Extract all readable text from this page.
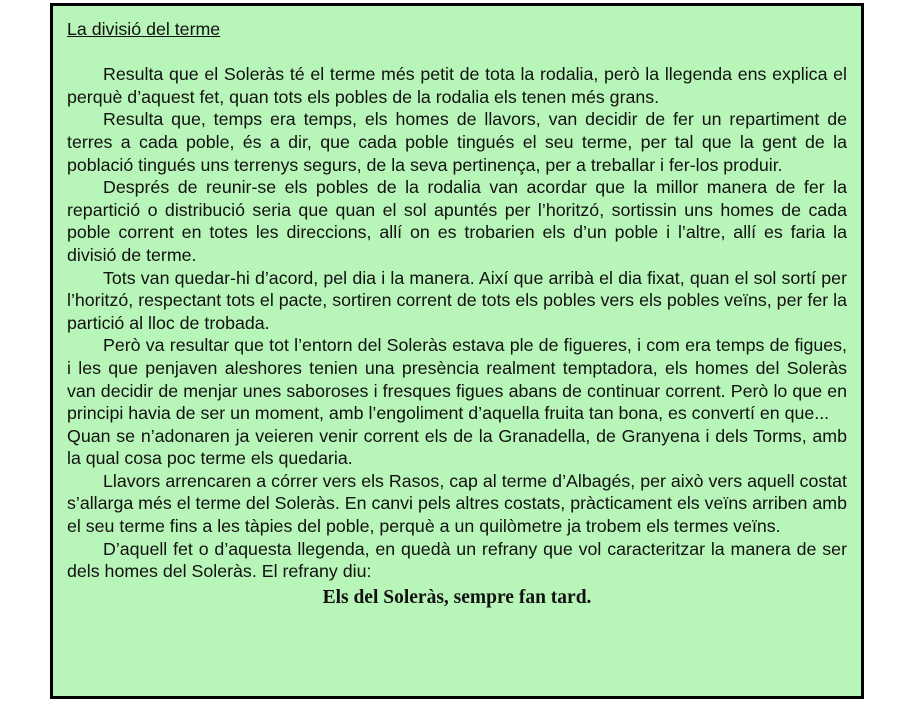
La divisió del terme

Resulta que el Soleràs té el terme més petit de tota la rodalia, però la llegenda ens explica el perquè d’aquest fet, quan tots els pobles de la rodalia els tenen més grans.

Resulta que, temps era temps, els homes de llavors, van decidir de fer un repartiment de terres a cada poble, és a dir, que cada poble tingués el seu terme, per tal que la gent de la població tingués uns terrenys segurs, de la seva pertinença, per a treballar i fer-los produir.

Després de reunir-se els pobles de la rodalia van acordar que la millor manera de fer la repartició o distribució seria que quan el sol apuntés per l’horitzó, sortissin uns homes de cada poble corrent en totes les direccions, allí on es trobarien els d’un poble i l’altre, allí es faria la divisió de terme.

Tots van quedar-hi d’acord, pel dia i la manera. Així que arribà el dia fixat, quan el sol sortí per l’horitzó, respectant tots el pacte, sortiren corrent de tots els pobles vers els pobles veïns, per fer la partició al lloc de trobada.

Però va resultar que tot l’entorn del Soleràs estava ple de figueres, i com era temps de figues, i les que penjaven aleshores tenien una presència realment temptadora, els homes del Soleràs van decidir de menjar unes saboroses i fresques figues abans de continuar corrent. Però lo que en principi havia de ser un moment, amb l’engoliment d’aquella fruita tan bona, es convertí en que...

Quan se n’adonaren ja veieren venir corrent els de la Granadella, de Granyena i dels Torms, amb la qual cosa poc terme els quedaria.

Llavors arrencaren a córrer vers els Rasos, cap al terme d’Albagés, per això vers aquell costat s’allarga més el terme del Soleràs. En canvi pels altres costats, pràcticament els veïns arriben amb el seu terme fins a les tàpies del poble, perquè a un quilòmetre ja trobem els termes veïns.

D’aquell fet o d’aquesta llegenda, en quedà un refrany que vol caracteritzar la manera de ser dels homes del Soleràs. El refrany diu:

Els del Soleràs, sempre fan tard.
